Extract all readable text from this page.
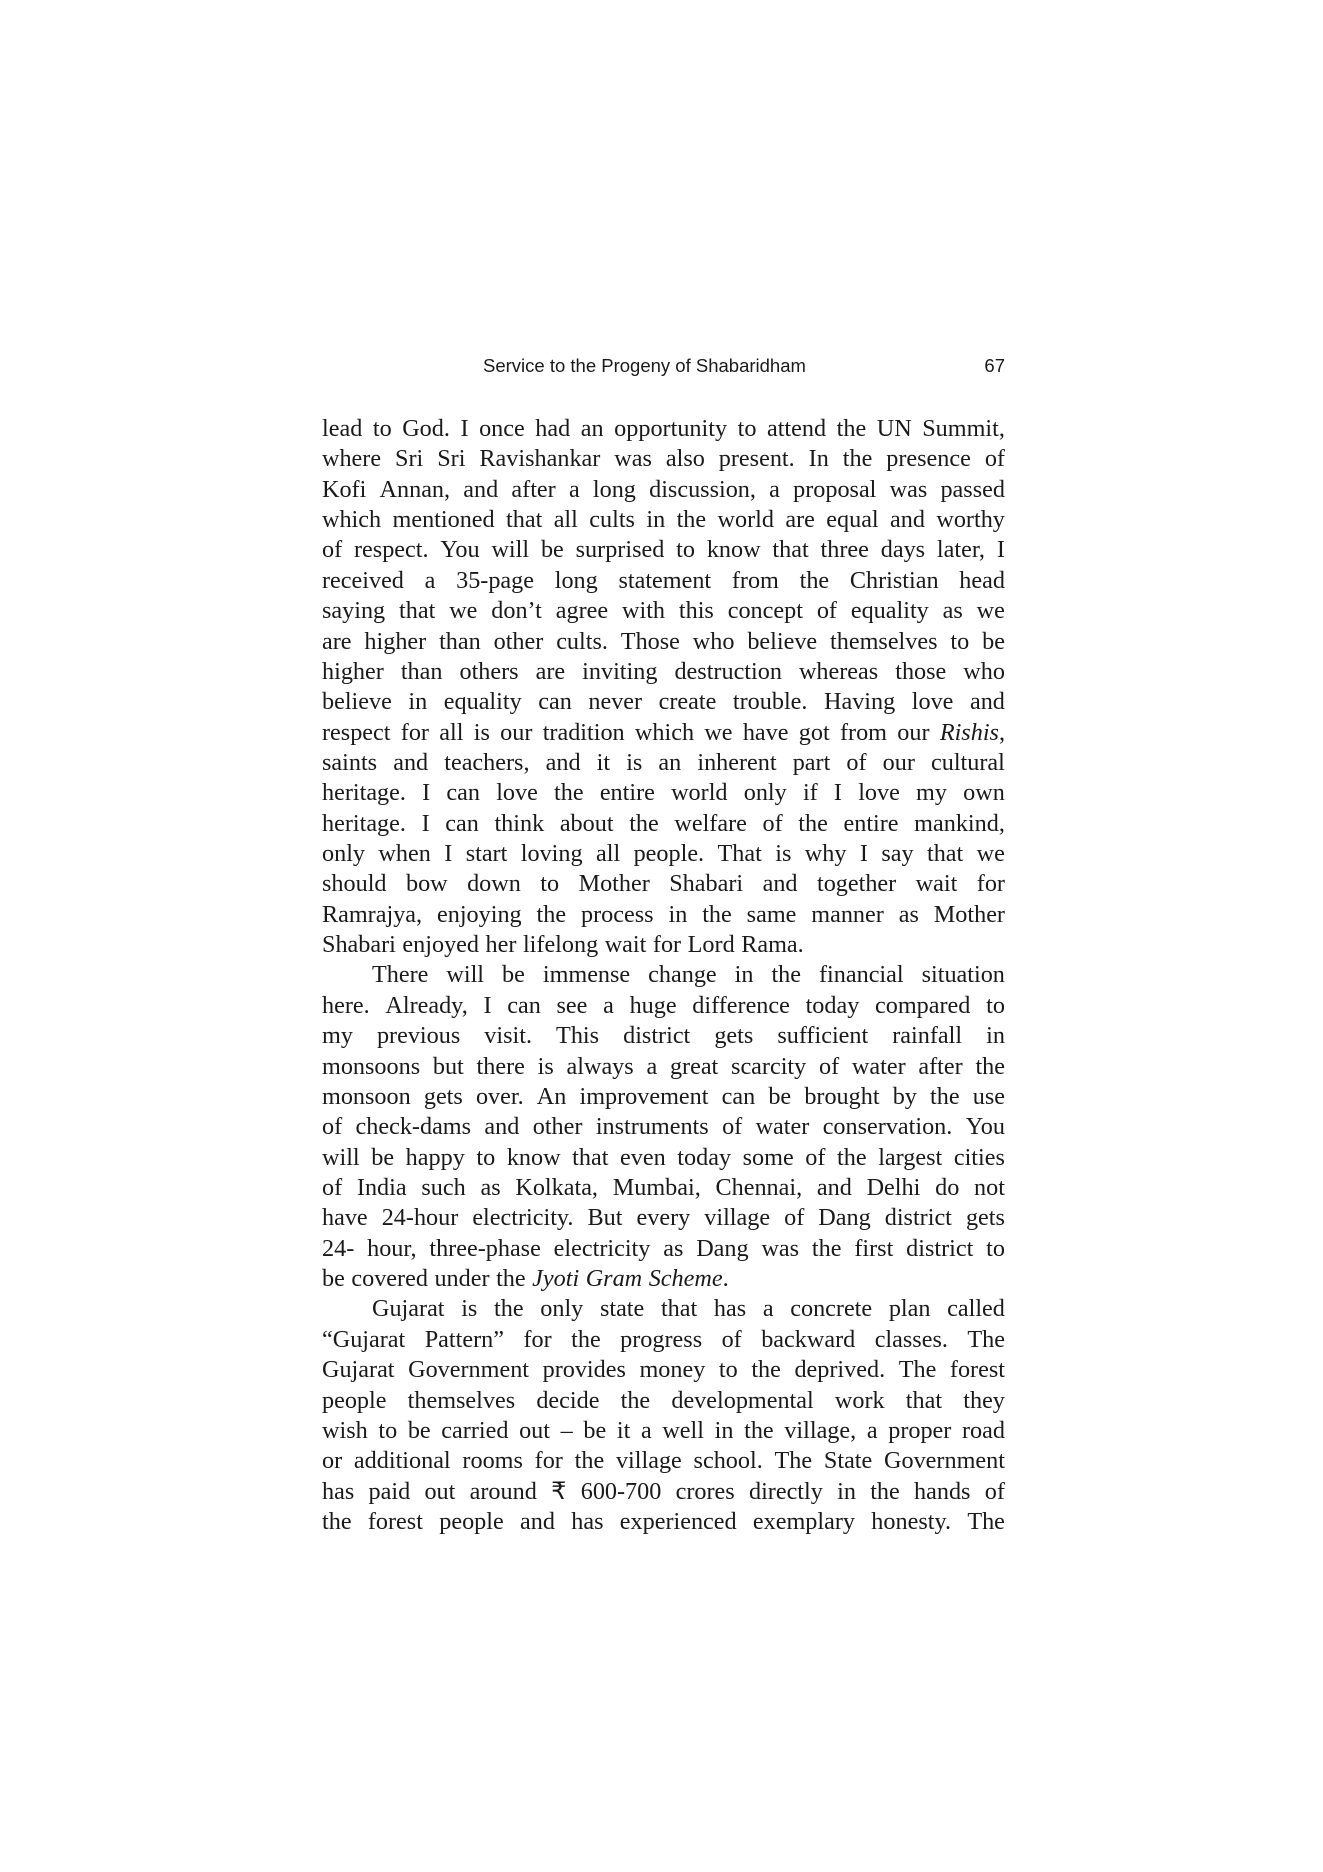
Service to the Progeny of Shabaridham	67
lead to God. I once had an opportunity to attend the UN Summit,
where Sri Sri Ravishankar was also present. In the presence of
Kofi Annan, and after a long discussion, a proposal was passed
which mentioned that all cults in the world are equal and worthy
of respect. You will be surprised to know that three days later, I
received a 35-page long statement from the Christian head
saying that we don’t agree with this concept of equality as we
are higher than other cults. Those who believe themselves to be
higher than others are inviting destruction whereas those who
believe in equality can never create trouble. Having love and
respect for all is our tradition which we have got from our Rishis,
saints and teachers, and it is an inherent part of our cultural
heritage. I can love the entire world only if I love my own
heritage. I can think about the welfare of the entire mankind,
only when I start loving all people. That is why I say that we
should bow down to Mother Shabari and together wait for
Ramrajya, enjoying the process in the same manner as Mother
Shabari enjoyed her lifelong wait for Lord Rama.
There will be immense change in the financial situation
here. Already, I can see a huge difference today compared to
my previous visit. This district gets sufficient rainfall in
monsoons but there is always a great scarcity of water after the
monsoon gets over. An improvement can be brought by the use
of check-dams and other instruments of water conservation. You
will be happy to know that even today some of the largest cities
of India such as Kolkata, Mumbai, Chennai, and Delhi do not
have 24-hour electricity. But every village of Dang district gets
24- hour, three-phase electricity as Dang was the first district to
be covered under the Jyoti Gram Scheme.
Gujarat is the only state that has a concrete plan called
“Gujarat Pattern” for the progress of backward classes. The
Gujarat Government provides money to the deprived. The forest
people themselves decide the developmental work that they
wish to be carried out – be it a well in the village, a proper road
or additional rooms for the village school. The State Government
has paid out around ₹ 600-700 crores directly in the hands of
the forest people and has experienced exemplary honesty. The
